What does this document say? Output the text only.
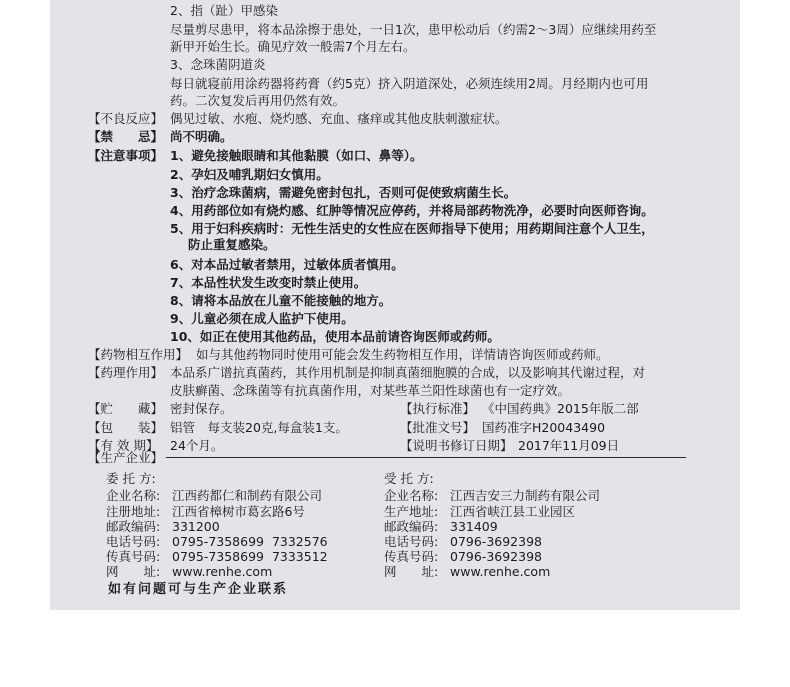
2、指（趾）甲感染
尽量剪尽患甲，将本品涂擦于患处，一日1次，患甲松动后（约需2～3周）应继续用药至
新甲开始生长。确见疗效一般需7个月左右。
3、念珠菌阴道炎
每日就寝前用涂药器将药膏（约5克）挤入阴道深处，必须连续用2周。月经期内也可用
药。二次复发后再用仍然有效。
【不良反应】 偶见过敏、水疱、烧灼感、充血、瘙痒或其他皮肤刺激症状。
【禁　　忌】 尚不明确。
【注意事项】 1、避免接触眼睛和其他黏膜（如口、鼻等）。
2、孕妇及哺乳期妇女慎用。
3、治疗念珠菌病，需避免密封包扎，否则可促使致病菌生长。
4、用药部位如有烧灼感、红肿等情况应停药，并将局部药物洗净，必要时向医师咨询。
5、用于妇科疾病时：无性生活史的女性应在医师指导下使用；用药期间注意个人卫生，
防止重复感染。
6、对本品过敏者禁用，过敏体质者慎用。
7、本品性状发生改变时禁止使用。
8、请将本品放在儿童不能接触的地方。
9、儿童必须在成人监护下使用。
10、如正在使用其他药品，使用本品前请咨询医师或药师。
【药物相互作用】 如与其他药物同时使用可能会发生药物相互作用，详情请咨询医师或药师。
【药理作用】 本品系广谱抗真菌药，其作用机制是抑制真菌细胞膜的合成，以及影响其代谢过程，对
皮肤癣菌、念珠菌等有抗真菌作用，对某些革兰阳性球菌也有一定疗效。
【贮　　藏】 密封保存。	【执行标准】 《中国药典》2015年版二部
【包　　装】 铝管　每支装20克,每盒装1支。	【批准文号】 国药准字H20043490
【有 效 期】 24个月。	【说明书修订日期】 2017年11月09日
【生产企业】
委 托 方:
企业名称: 江西药都仁和制药有限公司
注册地址: 江西省樟树市葛玄路6号
邮政编码: 331200
电话号码: 0795-7358699  7332576
传真号码: 0795-7358699  7333512
网　　址: www.renhe.com
受 托 方:
企业名称: 江西吉安三力制药有限公司
生产地址: 江西省峡江县工业园区
邮政编码: 331409
电话号码: 0796-3692398
传真号码: 0796-3692398
网　　址: www.renhe.com
如有问题可与生产企业联系
